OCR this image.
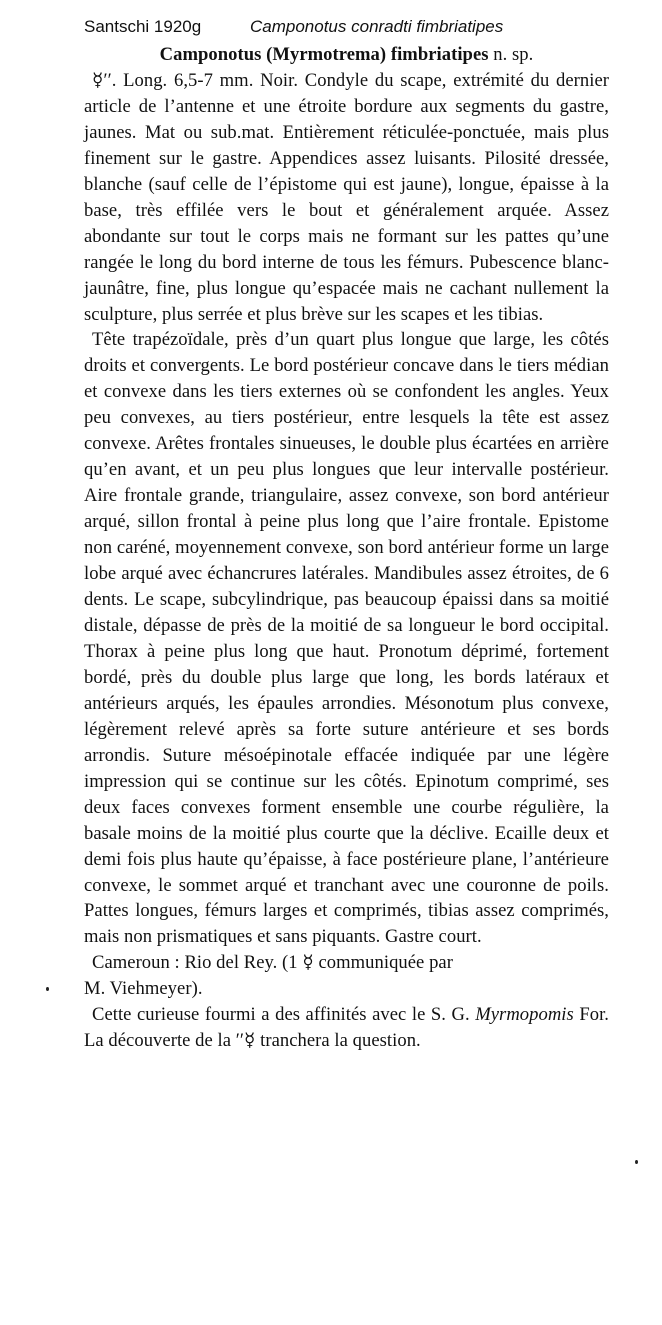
Santschi 1920g	Camponotus conradti fimbriatipes

Camponotus (Myrmotrema) fimbriatipes n. sp.

☿′′. Long. 6,5-7 mm. Noir. Condyle du scape, extrémité du dernier article de l’antenne et une étroite bordure aux segments du gastre, jaunes. Mat ou sub.mat. Entièrement réticulée-ponctuée, mais plus finement sur le gastre. Appendices assez luisants. Pilosité dressée, blanche (sauf celle de l’épistome qui est jaune), longue, épaisse à la base, très effilée vers le bout et généralement arquée. Assez abondante sur tout le corps mais ne formant sur les pattes qu’une rangée le long du bord interne de tous les fémurs. Pubescence blanc-jaunâtre, fine, plus longue qu’espacée mais ne cachant nullement la sculpture, plus serrée et plus brève sur les scapes et les tibias.

Tête trapézoïdale, près d’un quart plus longue que large, les côtés droits et convergents. Le bord postérieur concave dans le tiers médian et convexe dans les tiers externes où se confondent les angles. Yeux peu convexes, au tiers postérieur, entre lesquels la tête est assez convexe. Arêtes frontales sinueuses, le double plus écartées en arrière qu’en avant, et un peu plus longues que leur intervalle postérieur. Aire frontale grande, triangulaire, assez convexe, son bord antérieur arqué, sillon frontal à peine plus long que l’aire frontale. Epistome non caréné, moyennement convexe, son bord antérieur forme un large lobe arqué avec échancrures latérales. Mandibules assez étroites, de 6 dents. Le scape, subcylindrique, pas beaucoup épaissi dans sa moitié distale, dépasse de près de la moitié de sa longueur le bord occipital. Thorax à peine plus long que haut. Pronotum déprimé, fortement bordé, près du double plus large que long, les bords latéraux et antérieurs arqués, les épaules arrondies. Mésonotum plus convexe, légèrement relevé après sa forte suture antérieure et ses bords arrondis. Suture mésoépinotale effacée indiquée par une légère impression qui se continue sur les côtés. Epinotum comprimé, ses deux faces convexes forment ensemble une courbe régulière, la basale moins de la moitié plus courte que la déclive. Ecaille deux et demi fois plus haute qu’épaisse, à face postérieure plane, l’antérieure convexe, le sommet arqué et tranchant avec une couronne de poils. Pattes longues, fémurs larges et comprimés, tibias assez comprimés, mais non prismatiques et sans piquants. Gastre court.

Cameroun : Rio del Rey. (1 ☿ communiquée par
M. Viehmeyer).

Cette curieuse fourmi a des affinités avec le S. G. Myrmopomis For. La découverte de la ′′☿ tranchera la question.
